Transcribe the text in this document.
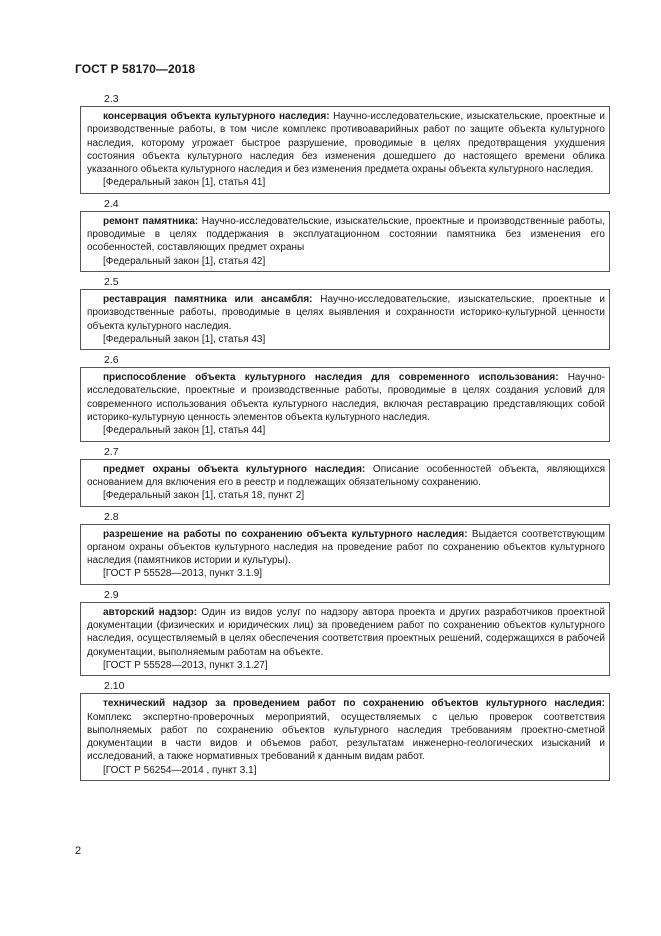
ГОСТ Р 58170—2018
2.3

консервация объекта культурного наследия: Научно-исследовательские, изыскательские, проектные и производственные работы, в том числе комплекс противоаварийных работ по защите объекта культурного наследия, которому угрожает быстрое разрушение, проводимые в целях предотвращения ухудшения состояния объекта культурного наследия без изменения дошедшего до настоящего времени облика указанного объекта культурного наследия и без изменения предмета охраны объекта культурного наследия.

[Федеральный закон [1], статья 41]

2.4

ремонт памятника: Научно-исследовательские, изыскательские, проектные и производственные работы, проводимые в целях поддержания в эксплуатационном состоянии памятника без изменения его особенностей, составляющих предмет охраны

[Федеральный закон [1], статья 42]

2.5

реставрация памятника или ансамбля: Научно-исследовательские, изыскательские, проектные и производственные работы, проводимые в целях выявления и сохранности историко-культурной ценности объекта культурного наследия.

[Федеральный закон [1], статья 43]

2.6

приспособление объекта культурного наследия для современного использования: Научно-исследовательские, проектные и производственные работы, проводимые в целях создания условий для современного использования объекта культурного наследия, включая реставрацию представляющих собой историко-культурную ценность элементов объекта культурного наследия.

[Федеральный закон [1], статья 44]

2.7

предмет охраны объекта культурного наследия: Описание особенностей объекта, являющихся основанием для включения его в реестр и подлежащих обязательному сохранению.

[Федеральный закон [1], статья 18, пункт 2]

2.8

разрешение на работы по сохранению объекта культурного наследия: Выдается соответствующим органом охраны объектов культурного наследия на проведение работ по сохранению объектов культурного наследия (памятников истории и культуры).

[ГОСТ Р 55528—2013, пункт 3.1.9]

2.9

авторский надзор: Один из видов услуг по надзору автора проекта и других разработчиков проектной документации (физических и юридических лиц) за проведением работ по сохранению объектов культурного наследия, осуществляемый в целях обеспечения соответствия проектных решений, содержащихся в рабочей документации, выполняемым работам на объекте.

[ГОСТ Р 55528—2013, пункт 3.1.27]

2.10

технический надзор за проведением работ по сохранению объектов культурного наследия: Комплекс экспертно-проверочных мероприятий, осуществляемых с целью проверок соответствия выполняемых работ по сохранению объектов культурного наследия требованиям проектно-сметной документации в части видов и объемов работ, результатам инженерно-геологических изысканий и исследований, а также нормативных требований к данным видам работ.

[ГОСТ Р 56254—2014 , пункт 3.1]

2
